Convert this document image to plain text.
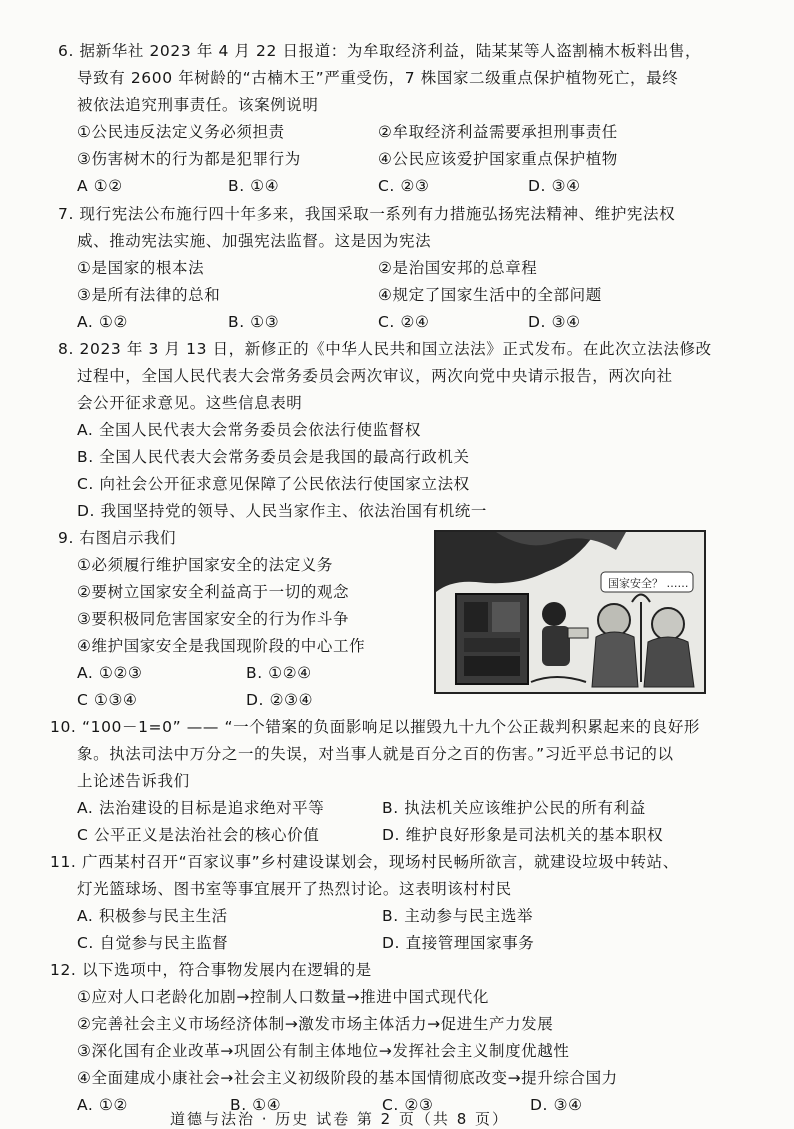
6. 据新华社 2023 年 4 月 22 日报道：为牟取经济利益，陆某某等人盗割楠木板料出售，
导致有 2600 年树龄的“古楠木王”严重受伤，7 株国家二级重点保护植物死亡，最终
被依法追究刑事责任。该案例说明
①公民违反法定义务必须担责	②牟取经济利益需要承担刑事责任
③伤害树木的行为都是犯罪行为	④公民应该爱护国家重点保护植物
A ①②	B. ①④	C. ②③	D. ③④
7. 现行宪法公布施行四十年多来，我国采取一系列有力措施弘扬宪法精神、维护宪法权
威、推动宪法实施、加强宪法监督。这是因为宪法
①是国家的根本法	②是治国安邦的总章程
③是所有法律的总和	④规定了国家生活中的全部问题
A. ①②	B. ①③	C. ②④	D. ③④
8. 2023 年 3 月 13 日，新修正的《中华人民共和国立法法》正式发布。在此次立法法修改
过程中，全国人民代表大会常务委员会两次审议，两次向党中央请示报告，两次向社
会公开征求意见。这些信息表明
A. 全国人民代表大会常务委员会依法行使监督权
B. 全国人民代表大会常务委员会是我国的最高行政机关
C. 向社会公开征求意见保障了公民依法行使国家立法权
D. 我国坚持党的领导、人民当家作主、依法治国有机统一
9. 右图启示我们
①必须履行维护国家安全的法定义务
②要树立国家安全利益高于一切的观念
③要积极同危害国家安全的行为作斗争
④维护国家安全是我国现阶段的中心工作
A. ①②③	B. ①②④
C ①③④	D. ②③④
国家安全？ ……
10. “100－1=0” —— “一个错案的负面影响足以摧毁九十九个公正裁判积累起来的良好形
象。执法司法中万分之一的失误，对当事人就是百分之百的伤害。”习近平总书记的以
上论述告诉我们
A. 法治建设的目标是追求绝对平等	B. 执法机关应该维护公民的所有利益
C 公平正义是法治社会的核心价值	D. 维护良好形象是司法机关的基本职权
11. 广西某村召开“百家议事”乡村建设谋划会，现场村民畅所欲言，就建设垃圾中转站、
灯光篮球场、图书室等事宜展开了热烈讨论。这表明该村村民
A. 积极参与民主生活	B. 主动参与民主选举
C. 自觉参与民主监督	D. 直接管理国家事务
12. 以下选项中，符合事物发展内在逻辑的是
①应对人口老龄化加剧→控制人口数量→推进中国式现代化
②完善社会主义市场经济体制→激发市场主体活力→促进生产力发展
③深化国有企业改革→巩固公有制主体地位→发挥社会主义制度优越性
④全面建成小康社会→社会主义初级阶段的基本国情彻底改变→提升综合国力
A. ①②	B. ①④	C. ②③	D. ③④
道德与法治 · 历史 试卷 第 2 页（共 8 页）
